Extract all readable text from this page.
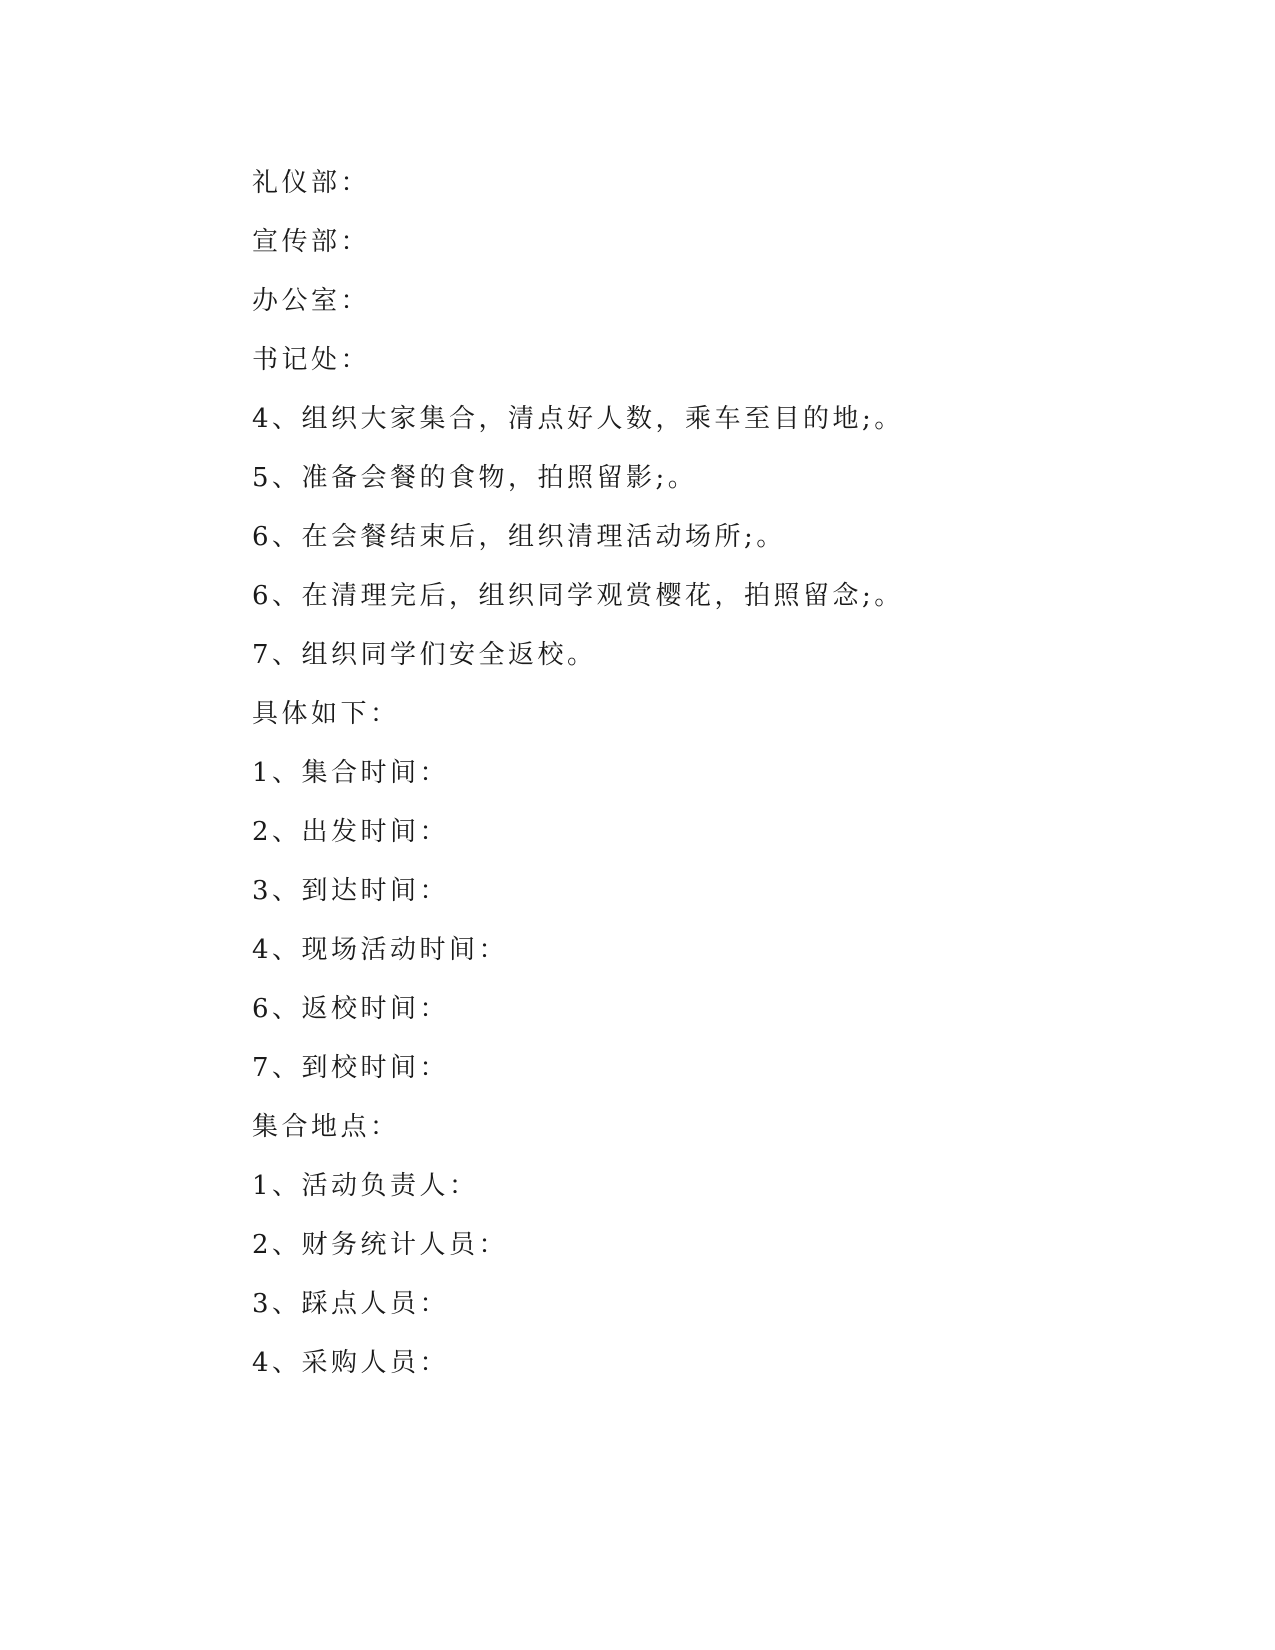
礼仪部：
宣传部：
办公室：
书记处：
4、组织大家集合，清点好人数，乘车至目的地;。
5、准备会餐的食物，拍照留影;。
6、在会餐结束后，组织清理活动场所;。
6、在清理完后，组织同学观赏樱花，拍照留念;。
7、组织同学们安全返校。
具体如下：
1、集合时间：
2、出发时间：
3、到达时间：
4、现场活动时间：
6、返校时间：
7、到校时间：
集合地点：
1、活动负责人：
2、财务统计人员：
3、踩点人员：
4、采购人员：
